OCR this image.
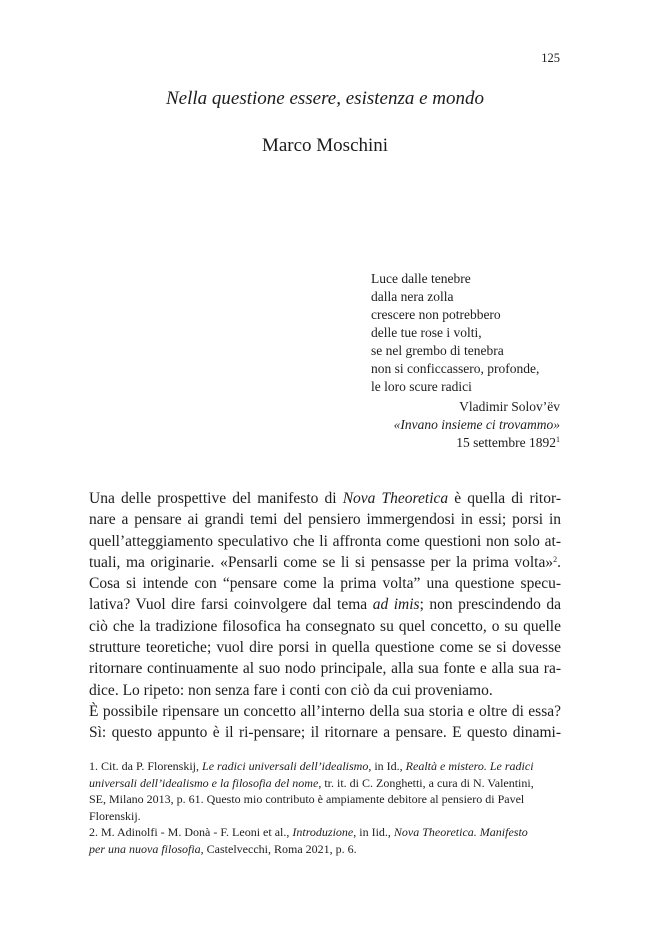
125
Nella questione essere, esistenza e mondo
Marco Moschini
Luce dalle tenebre
dalla nera zolla
crescere non potrebbero
delle tue rose i volti,
se nel grembo di tenebra
non si conficcassero, profonde,
le loro scure radici
Vladimir Solov’ëv
«Invano insieme ci trovammo»
15 settembre 1892$^1$
Una delle prospettive del manifesto di Nova Theoretica è quella di ritor-
nare a pensare ai grandi temi del pensiero immergendosi in essi; porsi in
quell’atteggiamento speculativo che li affronta come questioni non solo at-
tuali, ma originarie. «Pensarli come se li si pensasse per la prima volta»$^2$.
Cosa si intende con “pensare come la prima volta” una questione specu-
lativa? Vuol dire farsi coinvolgere dal tema ad imis; non prescindendo da
ciò che la tradizione filosofica ha consegnato su quel concetto, o su quelle
strutture teoretiche; vuol dire porsi in quella questione come se si dovesse
ritornare continuamente al suo nodo principale, alla sua fonte e alla sua ra-
dice. Lo ripeto: non senza fare i conti con ciò da cui proveniamo.
È possibile ripensare un concetto all’interno della sua storia e oltre di essa?
Sì: questo appunto è il ri-pensare; il ritornare a pensare. E questo dinami-
1. Cit. da P. Florenskij, Le radici universali dell’idealismo, in Id., Realtà e mistero. Le radici
universali dell’idealismo e la filosofia del nome, tr. it. di C. Zonghetti, a cura di N. Valentini,
SE, Milano 2013, p. 61. Questo mio contributo è ampiamente debitore al pensiero di Pavel
Florenskij.
2. M. Adinolfi - M. Donà - F. Leoni et al., Introduzione, in Iid., Nova Theoretica. Manifesto
per una nuova filosofia, Castelvecchi, Roma 2021, p. 6.
